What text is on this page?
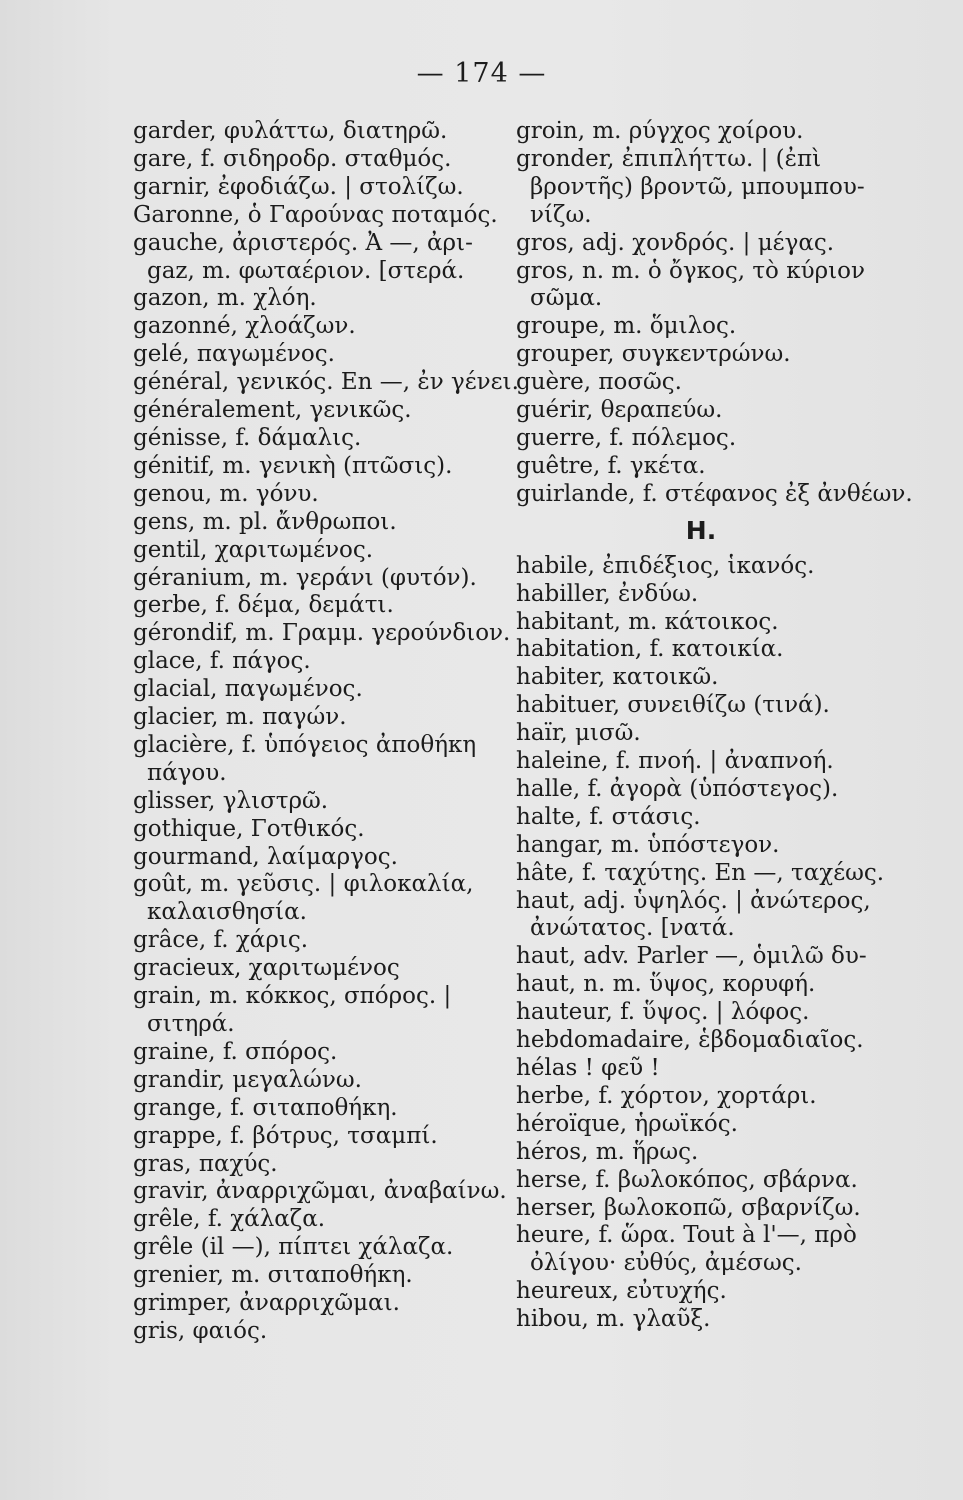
— 174 —
garder, φυλάττω, διατηρῶ.
gare, f. σιδηροδρ. σταθμός.
garnir, ἐφοδιάζω. | στολίζω.
Garonne, ὁ Γαρούνας ποταμός.
gauche, ἀριστερός. Ἀ —, ἀρι-
gaz, m. φωταέριον. [στερά.
gazon, m. χλόη.
gazonné, χλοάζων.
gelé, παγωμένος.
général, γενικός. En —, ἐν γένει.
généralement, γενικῶς.
génisse, f. δάμαλις.
génitif, m. γενικὴ (πτῶσις).
genou, m. γόνυ.
gens, m. pl. ἄνθρωποι.
gentil, χαριτωμένος.
géranium, m. γεράνι (φυτόν).
gerbe, f. δέμα, δεμάτι.
gérondif, m. Γραμμ. γερούνδιον.
glace, f. πάγος.
glacial, παγωμένος.
glacier, m. παγών.
glacière, f. ὑπόγειος ἀποθήκη
πάγου.
glisser, γλιστρῶ.
gothique, Γοτθικός.
gourmand, λαίμαργος.
goût, m. γεῦσις. | φιλοκαλία,
καλαισθησία.
grâce, f. χάρις.
gracieux, χαριτωμένος
grain, m. κόκκος, σπόρος. |
σιτηρά.
graine, f. σπόρος.
grandir, μεγαλώνω.
grange, f. σιταποθήκη.
grappe, f. βότρυς, τσαμπί.
gras, παχύς.
gravir, ἀναρριχῶμαι, ἀναβαίνω.
grêle, f. χάλαζα.
grêle (il —), πίπτει χάλαζα.
grenier, m. σιταποθήκη.
grimper, ἀναρριχῶμαι.
gris, φαιός.
groin, m. ρύγχος χοίρου.
gronder, ἐπιπλήττω. | (ἐπὶ
βροντῆς) βροντῶ, μπουμπου-
νίζω.
gros, adj. χονδρός. | μέγας.
gros, n. m. ὁ ὄγκος, τὸ κύριον
σῶμα.
groupe, m. ὅμιλος.
grouper, συγκεντρώνω.
guère, ποσῶς.
guérir, θεραπεύω.
guerre, f. πόλεμος.
guêtre, f. γκέτα.
guirlande, f. στέφανος ἐξ ἀνθέων.
H.
habile, ἐπιδέξιος, ἱκανός.
habiller, ἐνδύω.
habitant, m. κάτοικος.
habitation, f. κατοικία.
habiter, κατοικῶ.
habituer, συνειθίζω (τινά).
haïr, μισῶ.
haleine, f. πνοή. | ἀναπνοή.
halle, f. ἀγορὰ (ὑπόστεγος).
halte, f. στάσις.
hangar, m. ὑπόστεγον.
hâte, f. ταχύτης. En —, ταχέως.
haut, adj. ὑψηλός. | ἀνώτερος,
ἀνώτατος. [νατά.
haut, adv. Parler —, ὁμιλῶ δυ-
haut, n. m. ὕψος, κορυφή.
hauteur, f. ὕψος. | λόφος.
hebdomadaire, ἑβδομαδιαῖος.
hélas ! φεῦ !
herbe, f. χόρτον, χορτάρι.
héroïque, ἡρωϊκός.
héros, m. ἥρως.
herse, f. βωλοκόπος, σβάρνα.
herser, βωλοκοπῶ, σβαρνίζω.
heure, f. ὥρα. Tout à l'—, πρὸ
ὀλίγου· εὐθύς, ἀμέσως.
heureux, εὐτυχής.
hibou, m. γλαῦξ.
